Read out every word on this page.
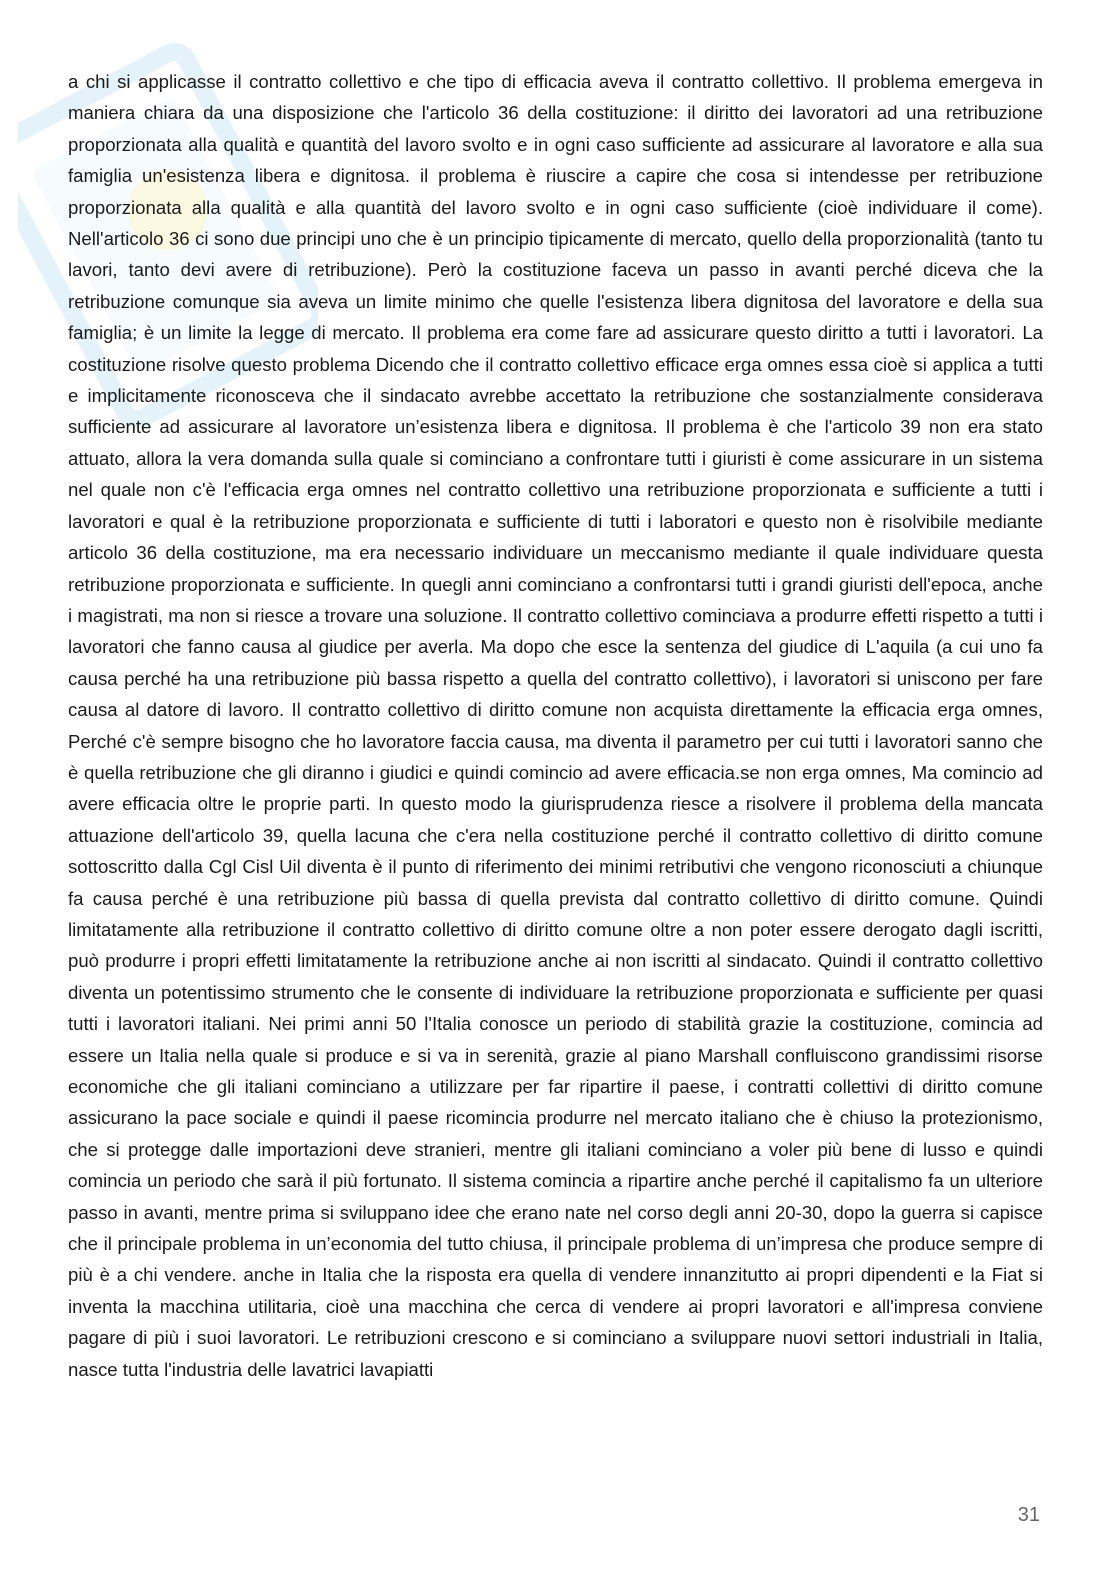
a chi si applicasse il contratto collettivo e che tipo di efficacia aveva il contratto collettivo. Il problema emergeva in maniera chiara da una disposizione che l'articolo 36 della costituzione: il diritto dei lavoratori ad una retribuzione proporzionata alla qualità e quantità del lavoro svolto e in ogni caso sufficiente ad assicurare al lavoratore e alla sua famiglia un'esistenza libera e dignitosa. il problema è riuscire a capire che cosa si intendesse per retribuzione proporzionata alla qualità e alla quantità del lavoro svolto e in ogni caso sufficiente (cioè individuare il come). Nell'articolo 36 ci sono due principi uno che è un principio tipicamente di mercato, quello della proporzionalità (tanto tu lavori, tanto devi avere di retribuzione). Però la costituzione faceva un passo in avanti perché diceva che la retribuzione comunque sia aveva un limite minimo che quelle l'esistenza libera dignitosa del lavoratore e della sua famiglia; è un limite la legge di mercato. Il problema era come fare ad assicurare questo diritto a tutti i lavoratori. La costituzione risolve questo problema Dicendo che il contratto collettivo efficace erga omnes essa cioè si applica a tutti e implicitamente riconosceva che il sindacato avrebbe accettato la retribuzione che sostanzialmente considerava sufficiente ad assicurare al lavoratore un’esistenza libera e dignitosa. Il problema è che l'articolo 39 non era stato attuato, allora la vera domanda sulla quale si cominciano a confrontare tutti i giuristi è come assicurare in un sistema nel quale non c'è l'efficacia erga omnes nel contratto collettivo una retribuzione proporzionata e sufficiente a tutti i lavoratori e qual è la retribuzione proporzionata e sufficiente di tutti i laboratori e questo non è risolvibile mediante articolo 36 della costituzione, ma era necessario individuare un meccanismo mediante il quale individuare questa retribuzione proporzionata e sufficiente. In quegli anni cominciano a confrontarsi tutti i grandi giuristi dell'epoca, anche i magistrati, ma non si riesce a trovare una soluzione. Il contratto collettivo cominciava a produrre effetti rispetto a tutti i lavoratori che fanno causa al giudice per averla. Ma dopo che esce la sentenza del giudice di L'aquila (a cui uno fa causa perché ha una retribuzione più bassa rispetto a quella del contratto collettivo), i lavoratori si uniscono per fare causa al datore di lavoro. Il contratto collettivo di diritto comune non acquista direttamente la efficacia erga omnes, Perché c'è sempre bisogno che ho lavoratore faccia causa, ma diventa il parametro per cui tutti i lavoratori sanno che è quella retribuzione che gli diranno i giudici e quindi comincio ad avere efficacia.se non erga omnes, Ma comincio ad avere efficacia oltre le proprie parti. In questo modo la giurisprudenza riesce a risolvere il problema della mancata attuazione dell'articolo 39, quella lacuna che c'era nella costituzione perché il contratto collettivo di diritto comune sottoscritto dalla Cgl Cisl Uil diventa è il punto di riferimento dei minimi retributivi che vengono riconosciuti a chiunque fa causa perché è una retribuzione più bassa di quella prevista dal contratto collettivo di diritto comune. Quindi limitatamente alla retribuzione il contratto collettivo di diritto comune oltre a non poter essere derogato dagli iscritti, può produrre i propri effetti limitatamente la retribuzione anche ai non iscritti al sindacato. Quindi il contratto collettivo diventa un potentissimo strumento che le consente di individuare la retribuzione proporzionata e sufficiente per quasi tutti i lavoratori italiani. Nei primi anni 50 l'Italia conosce un periodo di stabilità grazie la costituzione, comincia ad essere un Italia nella quale si produce e si va in serenità, grazie al piano Marshall confluiscono grandissimi risorse economiche che gli italiani cominciano a utilizzare per far ripartire il paese, i contratti collettivi di diritto comune assicurano la pace sociale e quindi il paese ricomincia produrre nel mercato italiano che è chiuso la protezionismo, che si protegge dalle importazioni deve stranieri, mentre gli italiani cominciano a voler più bene di lusso e quindi comincia un periodo che sarà il più fortunato. Il sistema comincia a ripartire anche perché il capitalismo fa un ulteriore passo in avanti, mentre prima si sviluppano idee che erano nate nel corso degli anni 20-30, dopo la guerra si capisce che il principale problema in un’economia del tutto chiusa, il principale problema di un’impresa che produce sempre di più è a chi vendere. anche in Italia che la risposta era quella di vendere innanzitutto ai propri dipendenti e la Fiat si inventa la macchina utilitaria, cioè una macchina che cerca di vendere ai propri lavoratori e all'impresa conviene pagare di più i suoi lavoratori. Le retribuzioni crescono e si cominciano a sviluppare nuovi settori industriali in Italia, nasce tutta l'industria delle lavatrici lavapiatti

31
